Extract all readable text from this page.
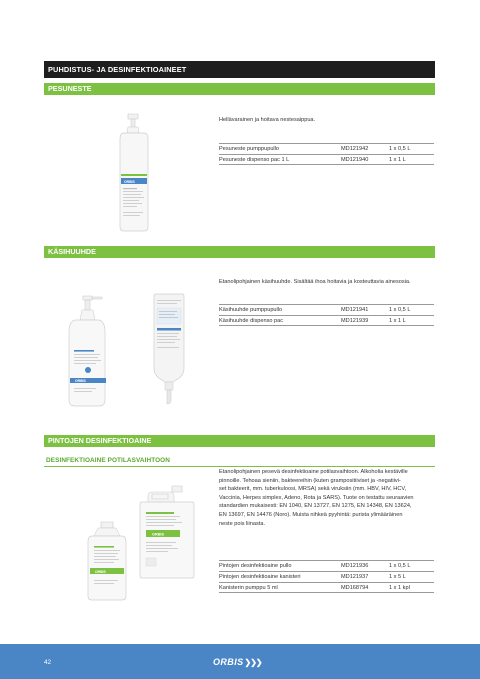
PUHDISTUS- JA DESINFEKTIOAINEET
PESUNESTE
ORBIS
Hellävarainen ja hoitava nestesaippua.
Pesuneste pumppupullo	MD121942	1 x 0,5 L
Pesuneste dispenso pac 1 L	MD121940	1 x 1 L
KÄSIHUUHDE
ORBIS
Etanolipohjainen käsihuuhde. Sisältää ihoa hoitavia ja kosteuttavia ainesosia.
Käsihuuhde pumppupullo	MD121941	1 x 0,5 L
Käsihuuhde dispenso pac	MD121939	1 x 1 L
PINTOJEN DESINFEKTIOAINE
DESINFEKTIOAINE POTILASVAIHTOON
ORBIS
ORBIS
Etanolipohjainen pesevä desinfektioaine potilasvaihtoon. Alkoholia kestäville
pinnoille. Tehoaa sieniin, bakteereihin (kuten grampositiiviset ja -negatiivi-
set bakteerit, mm. tuberkuloosi, MRSA) sekä viruksiin (mm. HBV, HIV, HCV,
Vaccinia, Herpes simplex, Adeno, Rota ja SARS). Tuote on testattu seuraavien
standardien mukaisesti: EN 1040, EN 13727, EN 1275, EN 14348, EN 13624,
EN 13697, EN 14476 (Noro). Muista nihkeä pyyhintä: purista ylimääräinen
neste pois liinasta.
Pintojen desinfektioaine pullo	MD121936	1 x 0,5 L
Pintojen desinfektioaine kanisteri	MD121937	1 x 5 L
Kanisterin pumppu 5 ml	MD168794	1 x 1 kpl
42	ORBIS❯❯❯
